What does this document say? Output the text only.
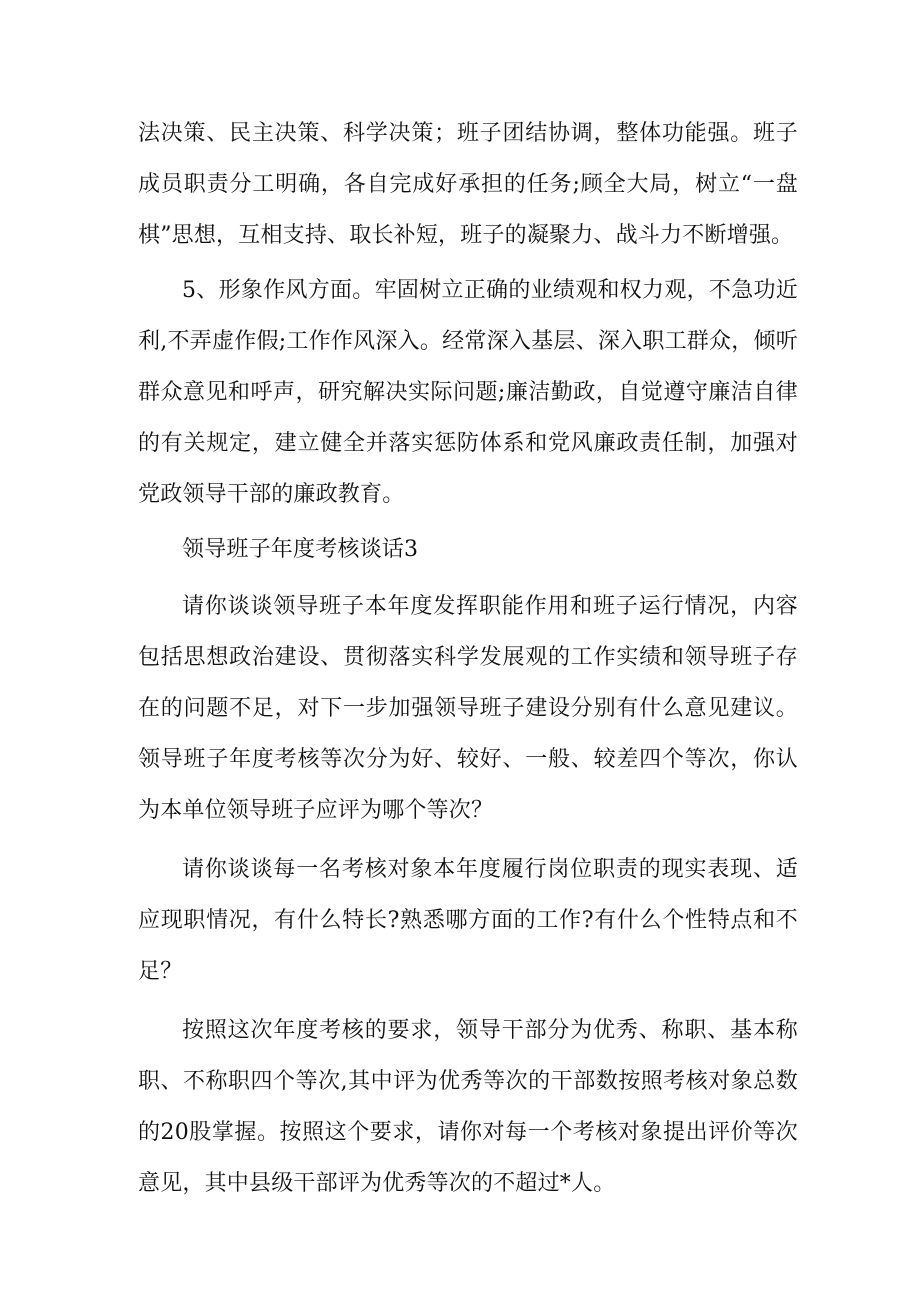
法决策、民主决策、科学决策；班子团结协调，整体功能强。班子成员职责分工明确，各自完成好承担的任务;顾全大局，树立“一盘棋”思想，互相支持、取长补短，班子的凝聚力、战斗力不断增强。

5、形象作风方面。牢固树立正确的业绩观和权力观，不急功近利,不弄虚作假;工作作风深入。经常深入基层、深入职工群众，倾听群众意见和呼声，研究解决实际问题;廉洁勤政，自觉遵守廉洁自律的有关规定，建立健全并落实惩防体系和党风廉政责任制，加强对党政领导干部的廉政教育。

领导班子年度考核谈话3

请你谈谈领导班子本年度发挥职能作用和班子运行情况，内容包括思想政治建设、贯彻落实科学发展观的工作实绩和领导班子存在的问题不足，对下一步加强领导班子建设分别有什么意见建议。领导班子年度考核等次分为好、较好、一般、较差四个等次，你认为本单位领导班子应评为哪个等次？

请你谈谈每一名考核对象本年度履行岗位职责的现实表现、适应现职情况，有什么特长?熟悉哪方面的工作?有什么个性特点和不足？

按照这次年度考核的要求，领导干部分为优秀、称职、基本称职、不称职四个等次,其中评为优秀等次的干部数按照考核对象总数的20股掌握。按照这个要求，请你对每一个考核对象提出评价等次意见，其中县级干部评为优秀等次的不超过*人。
